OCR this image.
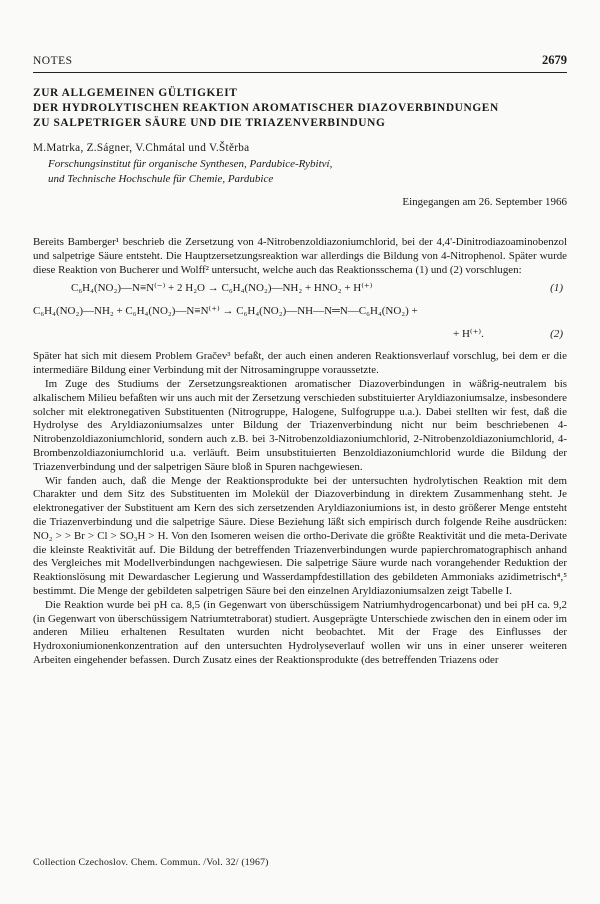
NOTES	2679
ZUR ALLGEMEINEN GÜLTIGKEIT
DER HYDROLYTISCHEN REAKTION AROMATISCHER DIAZOVERBINDUNGEN
ZU SALPETRIGER SÄURE UND DIE TRIAZENVERBINDUNG
M.Matrka, Z.Ságner, V.Chmátal und V.Štěrba
Forschungsinstitut für organische Synthesen, Pardubice-Rybitví,
und Technische Hochschule für Chemie, Pardubice
Eingegangen am 26. September 1966

Bereits Bamberger¹ beschrieb die Zersetzung von 4-Nitrobenzoldiazoniumchlorid, bei der 4,4'-Dinitrodiazoaminobenzol und salpetrige Säure entsteht. Die Hauptzersetzungsreaktion war allerdings die Bildung von 4-Nitrophenol. Später wurde diese Reaktion von Bucherer und Wolff² untersucht, welche auch das Reaktionsschema (1) und (2) vorschlugen:

C₆H₄(NO₂)—N≡N⁽⁻⁾ + 2 H₂O → C₆H₄(NO₂)—NH₂ + HNO₂ + H⁽⁺⁾	(1)
C₆H₄(NO₂)—NH₂ + C₆H₄(NO₂)—N≡N⁽⁺⁾ → C₆H₄(NO₂)—NH—N═N—C₆H₄(NO₂) +
+ H⁽⁺⁾.	(2)

Später hat sich mit diesem Problem Gračev³ befaßt, der auch einen anderen Reaktionsverlauf vorschlug, bei dem er die intermediäre Bildung einer Verbindung mit der Nitrosamingruppe voraussetzte.

Im Zuge des Studiums der Zersetzungsreaktionen aromatischer Diazoverbindungen in wäßrig-neutralem bis alkalischem Milieu befaßten wir uns auch mit der Zersetzung verschieden substituierter Aryldiazoniumsalze, insbesondere solcher mit elektronegativen Substituenten (Nitrogruppe, Halogene, Sulfogruppe u.a.). Dabei stellten wir fest, daß die Hydrolyse des Aryldiazoniumsalzes unter Bildung der Triazenverbindung nicht nur beim beschriebenen 4-Nitrobenzoldiazoniumchlorid, sondern auch z.B. bei 3-Nitrobenzoldiazoniumchlorid, 2-Nitrobenzoldiazoniumchlorid, 4-Brombenzoldiazoniumchlorid u.a. verläuft. Beim unsubstituierten Benzoldiazoniumchlorid wurde die Bildung der Triazenverbindung und der salpetrigen Säure bloß in Spuren nachgewiesen.

Wir fanden auch, daß die Menge der Reaktionsprodukte bei der untersuchten hydrolytischen Reaktion mit dem Charakter und dem Sitz des Substituenten im Molekül der Diazoverbindung in direktem Zusammenhang steht. Je elektronegativer der Substituent am Kern des sich zersetzenden Aryldiazoniumions ist, in desto größerer Menge entsteht die Triazenverbindung und die salpetrige Säure. Diese Beziehung läßt sich empirisch durch folgende Reihe ausdrücken: NO₂ > > Br > Cl > SO₃H > H. Von den Isomeren weisen die ortho-Derivate die größte Reaktivität und die meta-Derivate die kleinste Reaktivität auf. Die Bildung der betreffenden Triazenverbindungen wurde papierchromatographisch anhand des Vergleiches mit Modellverbindungen nachgewiesen. Die salpetrige Säure wurde nach vorangehender Reduktion der Reaktionslösung mit Dewardascher Legierung und Wasserdampfdestillation des gebildeten Ammoniaks azidimetrisch⁴,⁵ bestimmt. Die Menge der gebildeten salpetrigen Säure bei den einzelnen Aryldiazoniumsalzen zeigt Tabelle I.

Die Reaktion wurde bei pH ca. 8,5 (in Gegenwart von überschüssigem Natriumhydrogencarbonat) und bei pH ca. 9,2 (in Gegenwart von überschüssigem Natriumtetraborat) studiert. Ausgeprägte Unterschiede zwischen den in einem oder im anderen Milieu erhaltenen Resultaten wurden nicht beobachtet. Mit der Frage des Einflusses der Hydroxoniumionenkonzentration auf den untersuchten Hydrolyseverlauf wollen wir uns in einer unserer weiteren Arbeiten eingehender befassen. Durch Zusatz eines der Reaktionsprodukte (des betreffenden Triazens oder

Collection Czechoslov. Chem. Commun. /Vol. 32/ (1967)
